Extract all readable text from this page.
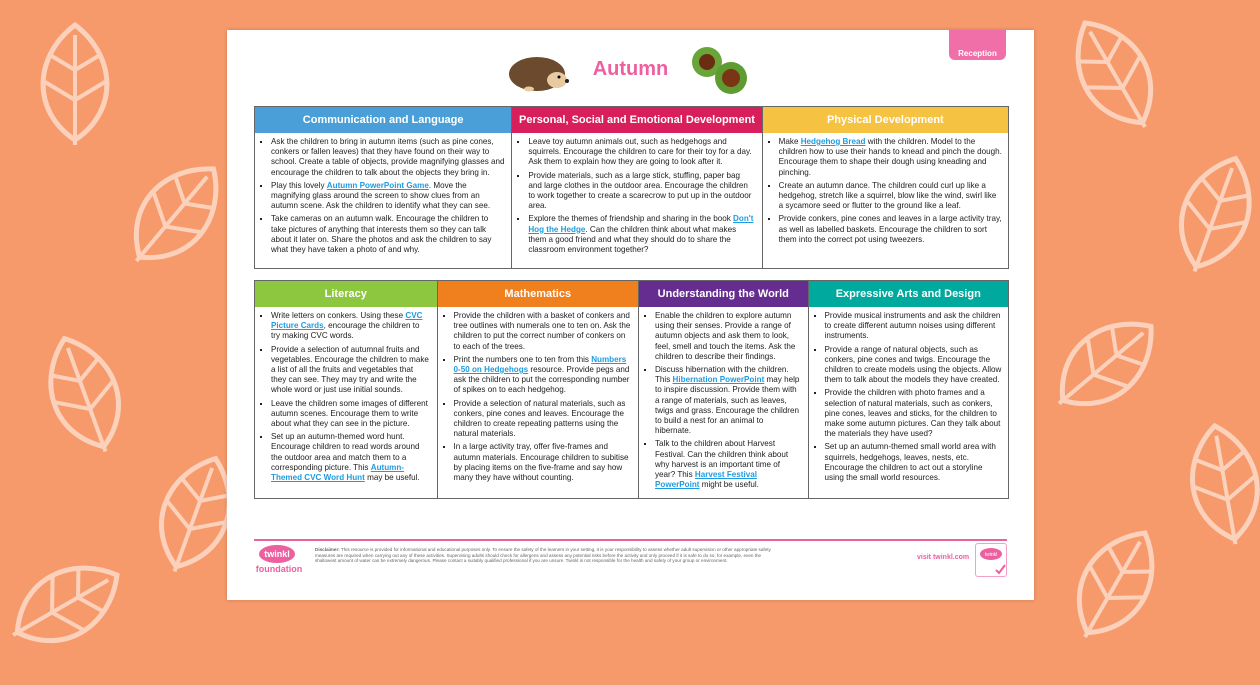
Reception
Autumn
Communication and Language
▪ Ask the children to bring in autumn items (such as pine cones, conkers or fallen leaves) that they have found on their way to school. Create a table of objects, provide magnifying glasses and encourage the children to talk about the objects they bring in.
▪ Play this lovely Autumn PowerPoint Game. Move the magnifying glass around the screen to show clues from an autumn scene. Ask the children to identify what they can see.
▪ Take cameras on an autumn walk. Encourage the children to take pictures of anything that interests them so they can talk about it later on. Share the photos and ask the children to say what they have taken a photo of and why.
Personal, Social and Emotional Development
▪ Leave toy autumn animals out, such as hedgehogs and squirrels. Encourage the children to care for their toy for a day. Ask them to explain how they are going to look after it.
▪ Provide materials, such as a large stick, stuffing, paper bag and large clothes in the outdoor area. Encourage the children to work together to create a scarecrow to put up in the outdoor area.
▪ Explore the themes of friendship and sharing in the book Don't Hog the Hedge. Can the children think about what makes them a good friend and what they should do to share the classroom environment together?
Physical Development
▪ Make Hedgehog Bread with the children. Model to the children how to use their hands to knead and pinch the dough. Encourage them to shape their dough using kneading and pinching.
▪ Create an autumn dance. The children could curl up like a hedgehog, stretch like a squirrel, blow like the wind, swirl like a sycamore seed or flutter to the ground like a leaf.
▪ Provide conkers, pine cones and leaves in a large activity tray, as well as labelled baskets. Encourage the children to sort them into the correct pot using tweezers.
Literacy
▪ Write letters on conkers. Using these CVC Picture Cards, encourage the children to try making CVC words.
▪ Provide a selection of autumnal fruits and vegetables. Encourage the children to make a list of all the fruits and vegetables that they can see. They may try and write the whole word or just use initial sounds.
▪ Leave the children some images of different autumn scenes. Encourage them to write about what they can see in the picture.
▪ Set up an autumn-themed word hunt. Encourage children to read words around the outdoor area and match them to a corresponding picture. This Autumn-Themed CVC Word Hunt may be useful.
Mathematics
▪ Provide the children with a basket of conkers and tree outlines with numerals one to ten on. Ask the children to put the correct number of conkers on to each of the trees.
▪ Print the numbers one to ten from this Numbers 0-50 on Hedgehogs resource. Provide pegs and ask the children to put the corresponding number of spikes on to each hedgehog.
▪ Provide a selection of natural materials, such as conkers, pine cones and leaves. Encourage the children to create repeating patterns using the natural materials.
▪ In a large activity tray, offer five-frames and autumn materials. Encourage children to subitise by placing items on the five-frame and say how many they have without counting.
Understanding the World
▪ Enable the children to explore autumn using their senses. Provide a range of autumn objects and ask them to look, feel, smell and touch the items. Ask the children to describe their findings.
▪ Discuss hibernation with the children. This Hibernation PowerPoint may help to inspire discussion. Provide them with a range of materials, such as leaves, twigs and grass. Encourage the children to build a nest for an animal to hibernate.
▪ Talk to the children about Harvest Festival. Can the children think about why harvest is an important time of year? This Harvest Festival PowerPoint might be useful.
Expressive Arts and Design
▪ Provide musical instruments and ask the children to create different autumn noises using different instruments.
▪ Provide a range of natural objects, such as conkers, pine cones and twigs. Encourage the children to create models using the objects. Allow them to talk about the models they have created.
▪ Provide the children with photo frames and a selection of natural materials, such as conkers, pine cones, leaves and sticks, for the children to make some autumn pictures. Can they talk about the materials they have used?
▪ Set up an autumn-themed small world area with squirrels, hedgehogs, leaves, nests, etc. Encourage the children to act out a storyline using the small world resources.
twinkl
foundation
Disclaimer: This resource is provided for informational and educational purposes only. To ensure the safety of the learners in your setting, it is your responsibility to assess whether adult supervision or other appropriate safety measures are required when carrying out any of these activities. Supervising adults should check for allergens and assess any potential risks before the activity and only proceed if it is safe to do so; for example, even the shallowest amount of water can be extremely dangerous. Please contact a suitably qualified professional if you are unsure. Twinkl is not responsible for the health and safety of your group or environment.	visit twinkl.com	twinkl
